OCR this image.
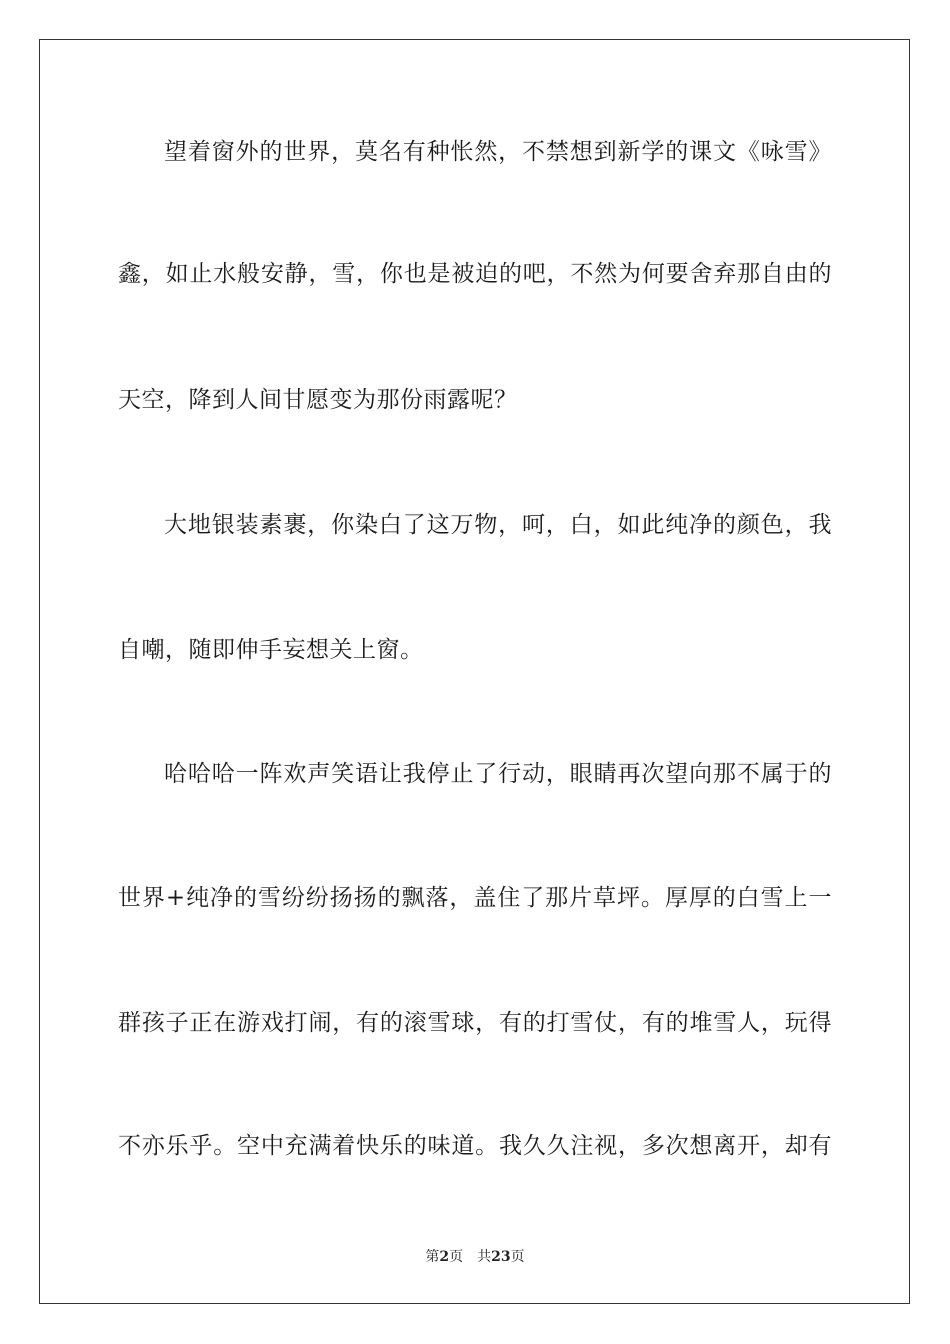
望着窗外的世界，莫名有种怅然，不禁想到新学的课文《咏雪》
鑫，如止水般安静，雪，你也是被迫的吧，不然为何要舍弃那自由的
天空，降到人间甘愿变为那份雨露呢？
大地银装素裹，你染白了这万物，呵，白，如此纯净的颜色，我
自嘲，随即伸手妄想关上窗。
哈哈哈一阵欢声笑语让我停止了行动，眼睛再次望向那不属于的
世界+纯净的雪纷纷扬扬的飘落，盖住了那片草坪。厚厚的白雪上一
群孩子正在游戏打闹，有的滚雪球，有的打雪仗，有的堆雪人，玩得
不亦乐乎。空中充满着快乐的味道。我久久注视，多次想离开，却有
第2页 共23页
